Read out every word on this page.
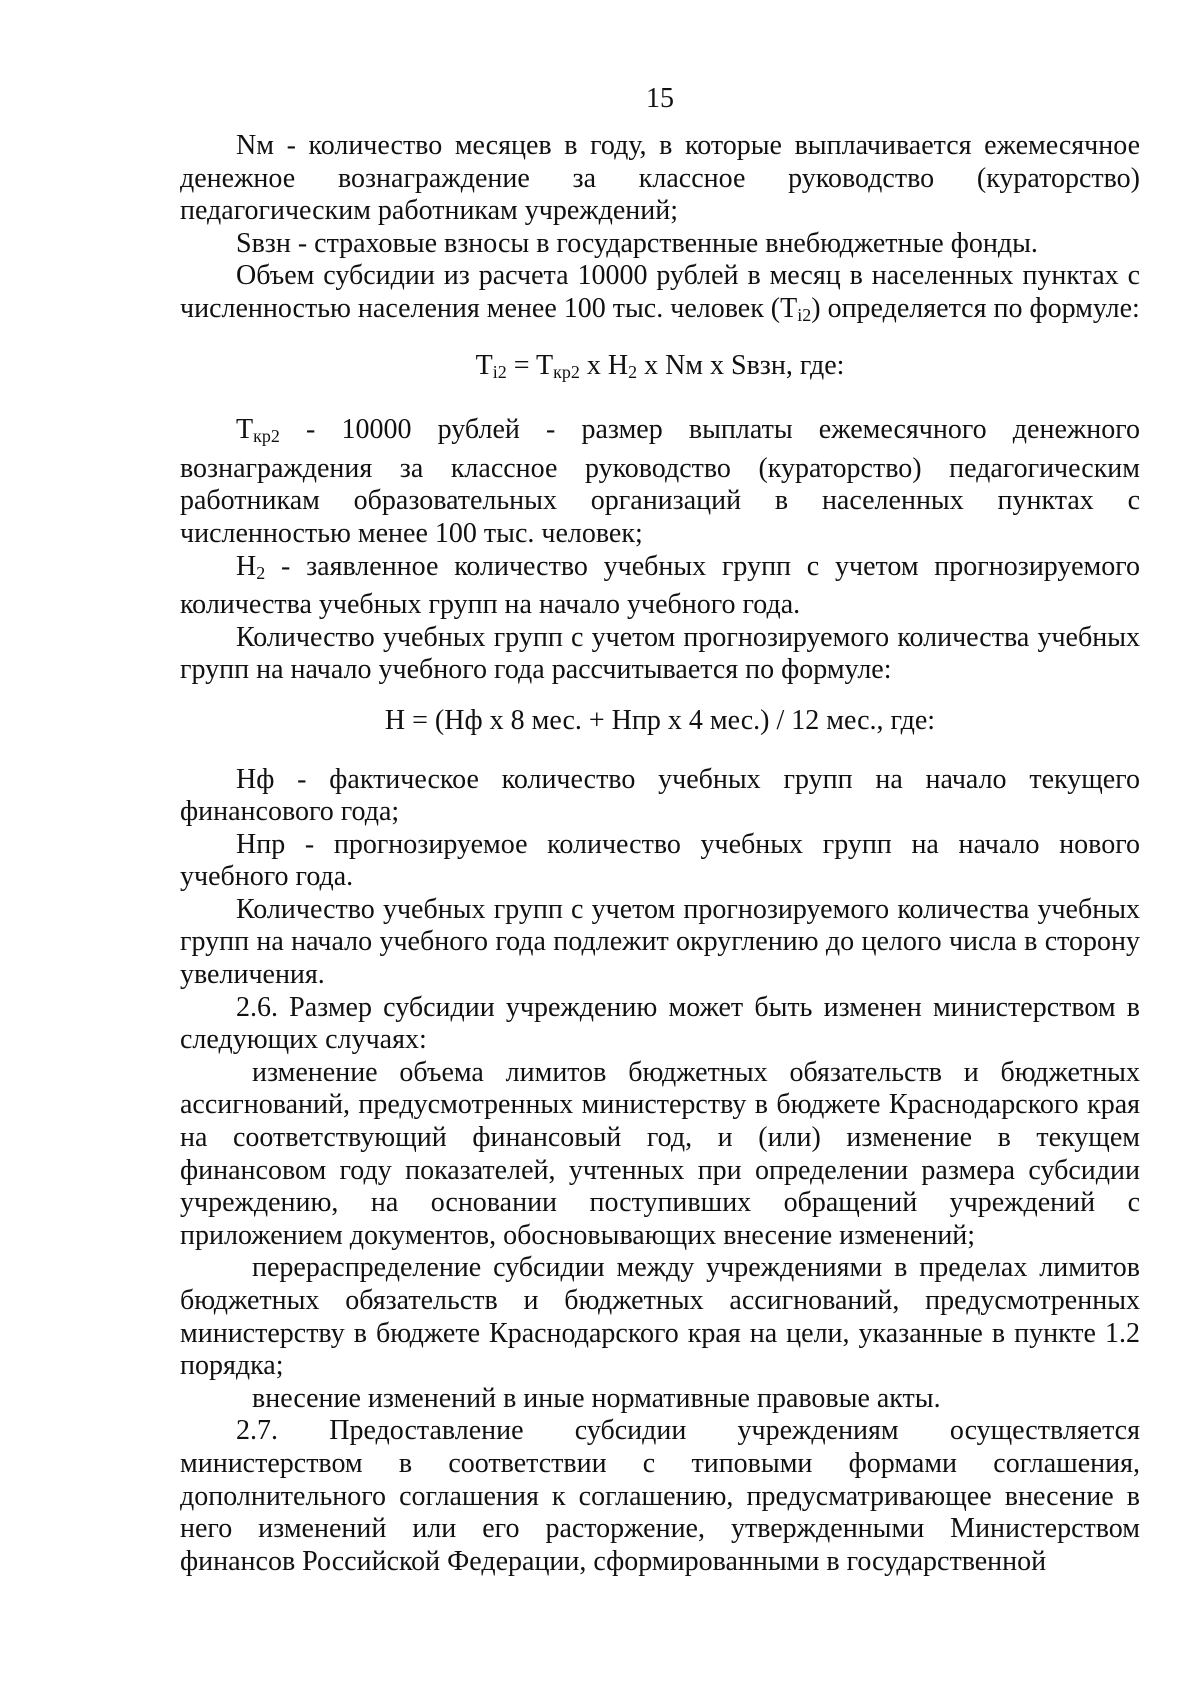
15

Nм - количество месяцев в году, в которые выплачивается ежемесячное денежное вознаграждение за классное руководство (кураторство) педагогическим работникам учреждений;

Sвзн - страховые взносы в государственные внебюджетные фонды.

Объем субсидии из расчета 10000 рублей в месяц в населенных пунктах с численностью населения менее 100 тыс. человек $(T_{i2})$ определяется по формуле:

$T_{i2} = T_{кр2}$ x $H_2$ x Nм x Sвзн, где:

$T_{кр2} - 10000$ рублей - размер выплаты ежемесячного денежного вознаграждения за классное руководство (кураторство) педагогическим работникам образовательных организаций в населенных пунктах с численностью менее 100 тыс. человек;

$H_2$ - заявленное количество учебных групп с учетом прогнозируемого количества учебных групп на начало учебного года.

Количество учебных групп с учетом прогнозируемого количества учебных групп на начало учебного года рассчитывается по формуле:

H = (Hф x 8 мес. + Hпр x 4 мес.) / 12 мес., где:

Hф - фактическое количество учебных групп на начало текущего финансового года;

Hпр - прогнозируемое количество учебных групп на начало нового учебного года.

Количество учебных групп с учетом прогнозируемого количества учебных групп на начало учебного года подлежит округлению до целого числа в сторону увеличения.

2.6. Размер субсидии учреждению может быть изменен министерством в следующих случаях:

изменение объема лимитов бюджетных обязательств и бюджетных ассигнований, предусмотренных министерству в бюджете Краснодарского края на соответствующий финансовый год, и (или) изменение в текущем финансовом году показателей, учтенных при определении размера субсидии учреждению, на основании поступивших обращений учреждений с приложением документов, обосновывающих внесение изменений;

перераспределение субсидии между учреждениями в пределах лимитов бюджетных обязательств и бюджетных ассигнований, предусмотренных министерству в бюджете Краснодарского края на цели, указанные в пункте 1.2 порядка;

внесение изменений в иные нормативные правовые акты.

2.7. Предоставление субсидии учреждениям осуществляется министерством в соответствии с типовыми формами соглашения, дополнительного соглашения к соглашению, предусматривающее внесение в него изменений или его расторжение, утвержденными Министерством финансов Российской Федерации, сформированными в государственной
